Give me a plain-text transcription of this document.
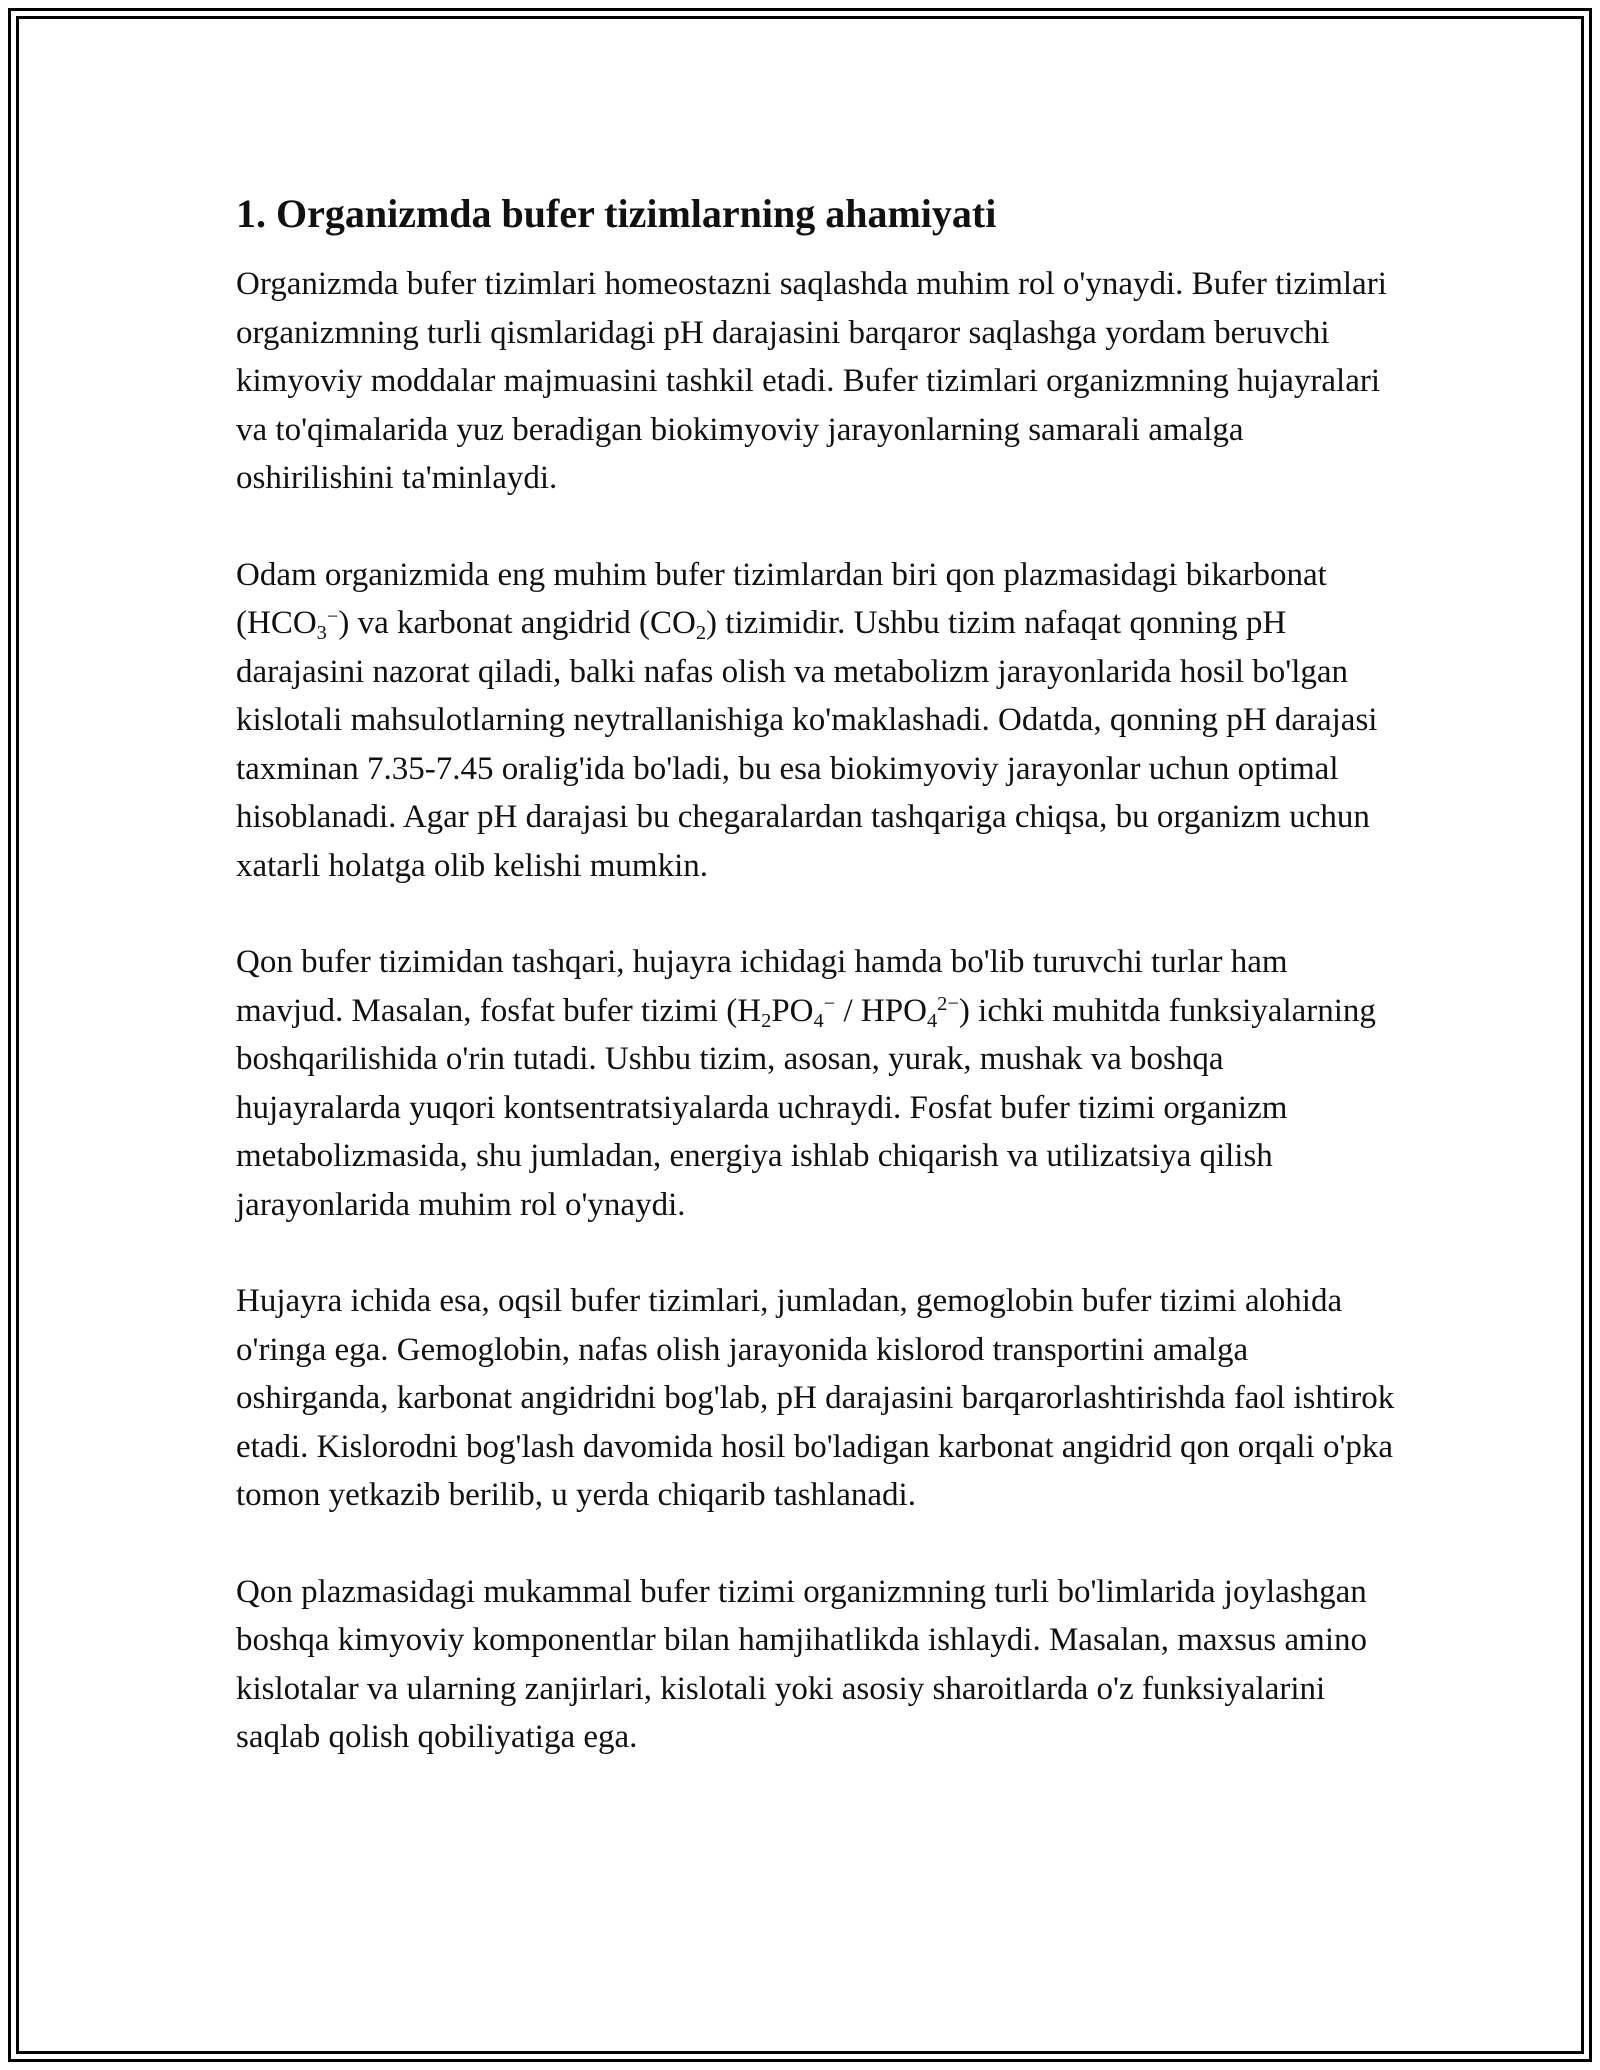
1. Organizmda bufer tizimlarning ahamiyati

Organizmda bufer tizimlari homeostazni saqlashda muhim rol o'ynaydi. Bufer tizimlari organizmning turli qismlaridagi pH darajasini barqaror saqlashga yordam beruvchi kimyoviy moddalar majmuasini tashkil etadi. Bufer tizimlari organizmning hujayralari va to'qimalarida yuz beradigan biokimyoviy jarayonlarning samarali amalga oshirilishini ta'minlaydi.

Odam organizmida eng muhim bufer tizimlardan biri qon plazmasidagi bikarbonat $(HCO_3^-)$ va karbonat angidrid $(CO_2)$ tizimidir. Ushbu tizim nafaqat qonning pH darajasini nazorat qiladi, balki nafas olish va metabolizm jarayonlarida hosil bo'lgan kislotali mahsulotlarning neytrallanishiga ko'maklashadi. Odatda, qonning pH darajasi taxminan 7.35-7.45 oralig'ida bo'ladi, bu esa biokimyoviy jarayonlar uchun optimal hisoblanadi. Agar pH darajasi bu chegaralardan tashqariga chiqsa, bu organizm uchun xatarli holatga olib kelishi mumkin.

Qon bufer tizimidan tashqari, hujayra ichidagi hamda bo'lib turuvchi turlar ham mavjud. Masalan, fosfat bufer tizimi $(H_2PO_4^- / HPO_4^{2-})$ ichki muhitda funksiyalarning boshqarilishida o'rin tutadi. Ushbu tizim, asosan, yurak, mushak va boshqa hujayralarda yuqori kontsentratsiyalarda uchraydi. Fosfat bufer tizimi organizm metabolizmasida, shu jumladan, energiya ishlab chiqarish va utilizatsiya qilish jarayonlarida muhim rol o'ynaydi.

Hujayra ichida esa, oqsil bufer tizimlari, jumladan, gemoglobin bufer tizimi alohida o'ringa ega. Gemoglobin, nafas olish jarayonida kislorod transportini amalga oshirganda, karbonat angidridni bog'lab, pH darajasini barqarorlashtirishda faol ishtirok etadi. Kislorodni bog'lash davomida hosil bo'ladigan karbonat angidrid qon orqali o'pka tomon yetkazib berilib, u yerda chiqarib tashlanadi.

Qon plazmasidagi mukammal bufer tizimi organizmning turli bo'limlarida joylashgan boshqa kimyoviy komponentlar bilan hamjihatlikda ishlaydi. Masalan, maxsus amino kislotalar va ularning zanjirlari, kislotali yoki asosiy sharoitlarda o'z funksiyalarini saqlab qolish qobiliyatiga ega.
